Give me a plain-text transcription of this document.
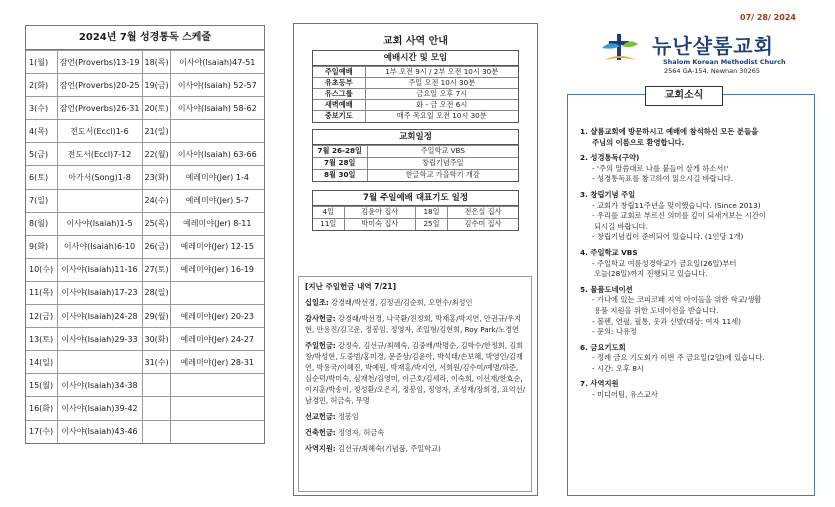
2024년 7월 성경통독 스케줄
1(월)	잠언(Proverbs)13-19	18(목)	이사야(Isaiah)47-51
2(화)	잠언(Proverbs)20-25	19(금)	이사야(Isaiah) 52-57
3(수)	잠언(Proverbs)26-31	20(토)	이사야(Isaiah) 58-62
4(목)	전도서(Eccl)1-6	21(일)	
5(금)	전도서(Eccl)7-12	22(월)	이사야(Isaiah) 63-66
6(토)	아가서(Song)1-8	23(화)	예레미야(Jer) 1-4
7(일)		24(수)	예레미야(Jer) 5-7
8(월)	이사야(Isaiah)1-5	25(목)	예레미야(Jer) 8-11
9(화)	이사야(Isaiah)6-10	26(금)	예레미야(Jer) 12-15
10(수)	이사야(Isaiah)11-16	27(토)	예레미야(Jer) 16-19
11(목)	이사야(Isaiah)17-23	28(일)	
12(금)	이사야(Isaiah)24-28	29(월)	예레미야(Jer) 20-23
13(토)	이사야(Isaiah)29-33	30(화)	예레미야(Jer) 24-27
14(일)		31(수)	예레미야(Jer) 28-31
15(월)	이사야(Isaiah)34-38		
16(화)	이사야(Isaiah)39-42		
17(수)	이사야(Isaiah)43-46		
교회 사역 안내
예배시간 및 모임
주일예배	1부 오전 9시 / 2부 오전 10시 30분
유초등부	주일 오전 10시 30분
유스그룹	금요일 오후 7시
새벽예배	화 - 금 오전 6시
중보기도	매주 목요일 오전 10시 30분
교회일정
7월 26-28일	주일학교 VBS
7월 28일	창립기념주일
8월 30일	한글학교 가을학기 개강
7월 주일예배 대표기도 일정
4일	김윤아 집사	18일	전은실 집사
11일	박미숙 집사	25일	김수미 집사
[지난 주일헌금 내역 7/21]
십일조: 강경래/박선경, 김정권/김순희, 오면수/최성인
감사헌금: 강경래/박선경, 나국환/진정희, 박재홍/박지연, 안권규/우지현, 안용진/김고운, 정봉임, 정영자, 조일형/김현희, Roy Park/노경연
주일헌금: 강정숙, 김선규/최혜숙, 김중배/박명순, 김학수/한정희, 김희창/박성현, 도중범/홍미경, 문준상/김윤아, 박석태/손보혜, 박영인/김재연, 박용국/이혜진, 박예원, 박재홍/박지연, 서희원/김수미/예명/하준, 심순덕/박미숙, 심재천/김영미, 이근호/김세라, 이숙희, 이선재/한효순, 이지훈/박송이, 정성환/오은지, 정봉임, 정영자, 조성재/장희경, 표억선/남경민, 허금숙, 무명
선교헌금: 정봉임
건축헌금: 정영자, 허금숙
사역지원: 김선규/최혜숙(기념품, 주일학교)
07/ 28/ 2024
뉴난샬롬교회
Shalom Korean Methodist Church
2564 GA-154, Newnan 30265
교회소식
1. 샬롬교회에 방문하시고 예배에 참석하신 모든 분들을
주님의 이름으로 환영합니다.
2. 성경통독(구약)
- '주의 말씀대로 나를 붙들어 살게 하소서!'
- 성경통독표를 참고하여 읽으시길 바랍니다.
3. 창립기념 주일
- 교회가 창립11주년을 맞이했습니다. (Since 2013)
- 우리를 교회로 부르신 의미를 깊이 되새겨보는 시간이
되시길 바랍니다.
- 창립기념컵이 준비되어 있습니다. (1인당 1개)
4. 주일학교 VBS
- 주일학교 여름성경학교가 금요일(26일)부터
오늘(28일)까지 진행되고 있습니다.
5. 물품도네이션
- 가나에 있는 코피코페 지역 아이들을 위한 학교/생활
용품 지원을 위한 도네이션을 받습니다.
- 볼펜, 연필, 필통, 옷과 신발(대상: 여자 11세)
- 문의: 나유정
6. 금요기도회
- 정례 금요 기도회가 이번 주 금요일(2일)에 있습니다.
- 시간: 오후 8시
7. 사역지원
- 미디어팀, 유스교사
